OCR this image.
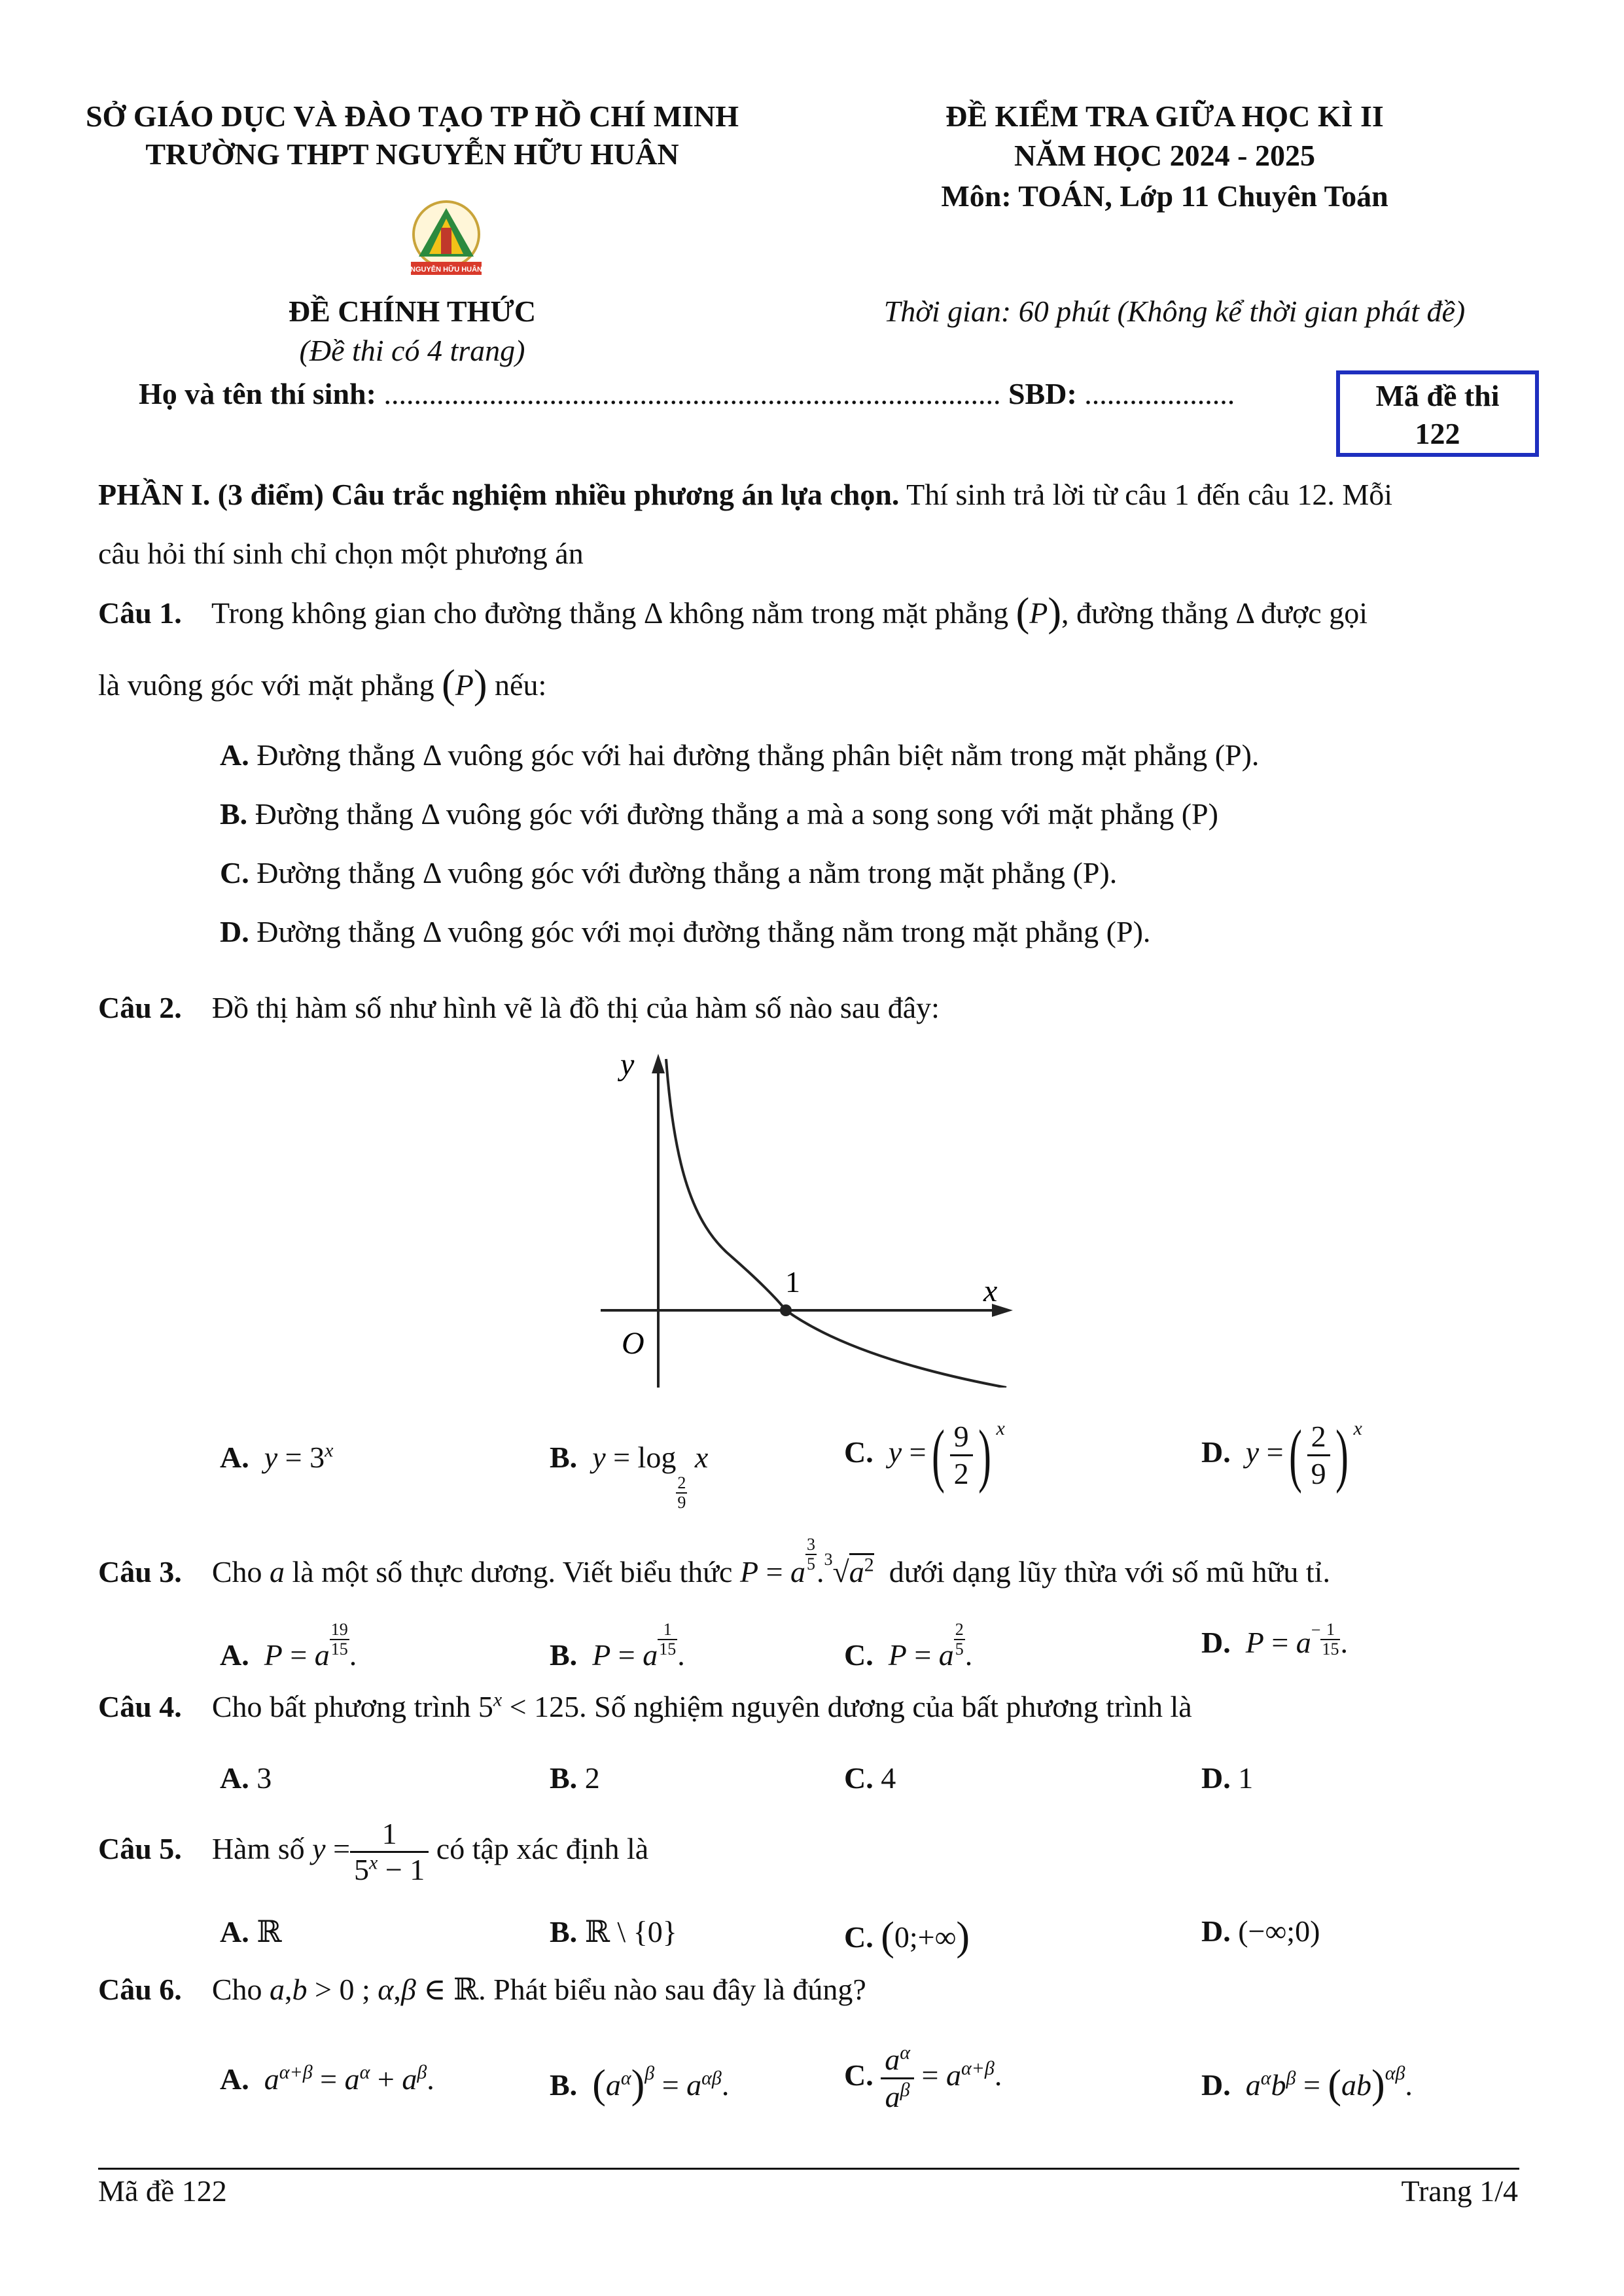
SỞ GIÁO DỤC VÀ ĐÀO TẠO TP HỒ CHÍ MINH
TRƯỜNG THPT NGUYỄN HỮU HUÂN
NGUYỄN HỮU HUÂN
ĐỀ KIỂM TRA GIỮA HỌC KÌ II
NĂM HỌC 2024 - 2025
Môn: TOÁN, Lớp 11 Chuyên Toán
ĐỀ CHÍNH THỨC
(Đề thi có 4 trang)
Thời gian: 60 phút (Không kể thời gian phát đề)
Họ và tên thí sinh: .................................................................................. SBD: ....................	Mã đề thi
122
PHẦN I. (3 điểm) Câu trắc nghiệm nhiều phương án lựa chọn. Thí sinh trả lời từ câu 1 đến câu 12. Mỗi
câu hỏi thí sinh chỉ chọn một phương án
Câu 1. Trong không gian cho đường thẳng Δ không nằm trong mặt phẳng (P), đường thẳng Δ được gọi
là vuông góc với mặt phẳng (P) nếu:
A. Đường thẳng Δ vuông góc với hai đường thẳng phân biệt nằm trong mặt phẳng (P).
B. Đường thẳng Δ vuông góc với đường thẳng a mà a song song với mặt phẳng (P)
C. Đường thẳng Δ vuông góc với đường thẳng a nằm trong mặt phẳng (P).
D. Đường thẳng Δ vuông góc với mọi đường thẳng nằm trong mặt phẳng (P).
Câu 2. Đồ thị hàm số như hình vẽ là đồ thị của hàm số nào sau đây:
y
x
O
1
A. $y = 3^x$	B. y = log
$\frac{2}{9}$
x	C. y =( $\frac{9}{2}$ ) $^x$
D. y =( $\frac{2}{9}$ ) $^x$
Câu 3. Cho a là một số thực dương. Viết biểu thức P = a $\frac{3}{5} .^3√a^2$ dưới dạng lũy thừa với số mũ hữu tỉ.
A. P = a $\frac{19}{15}$ .	B. P = a $\frac{1}{15}$ .	C. P = a $\frac{2}{5}$ .	D. $P = a- \frac{1}{15}$ .
Câu 4. Cho bất phương trình $5^x < 125$. Số nghiệm nguyên dương của bất phương trình là
A. 3	B. 2	C. 4	D. 1
Câu 5. Hàm số $y = \frac{1}{5^x - 1}$ có tập xác định là
A. ℝ	B. ℝ \ {0}	C. (0;+∞)	D. (−∞;0)
Câu 6. Cho a,b > 0 ; α,β ∈ ℝ. Phát biểu nào sau đây là đúng?
A. $a^{\alpha+\beta} = a^\alpha + a^\beta$.	B. $(a^\alpha)^\beta = a^{\alpha\beta}$.	C. $\frac{a^\alpha}{a^\beta} = a^{\alpha+\beta}$.	D. $a^\alpha b^\beta = (ab)^{\alpha\beta}$.
Mã đề 122	Trang 1/4
